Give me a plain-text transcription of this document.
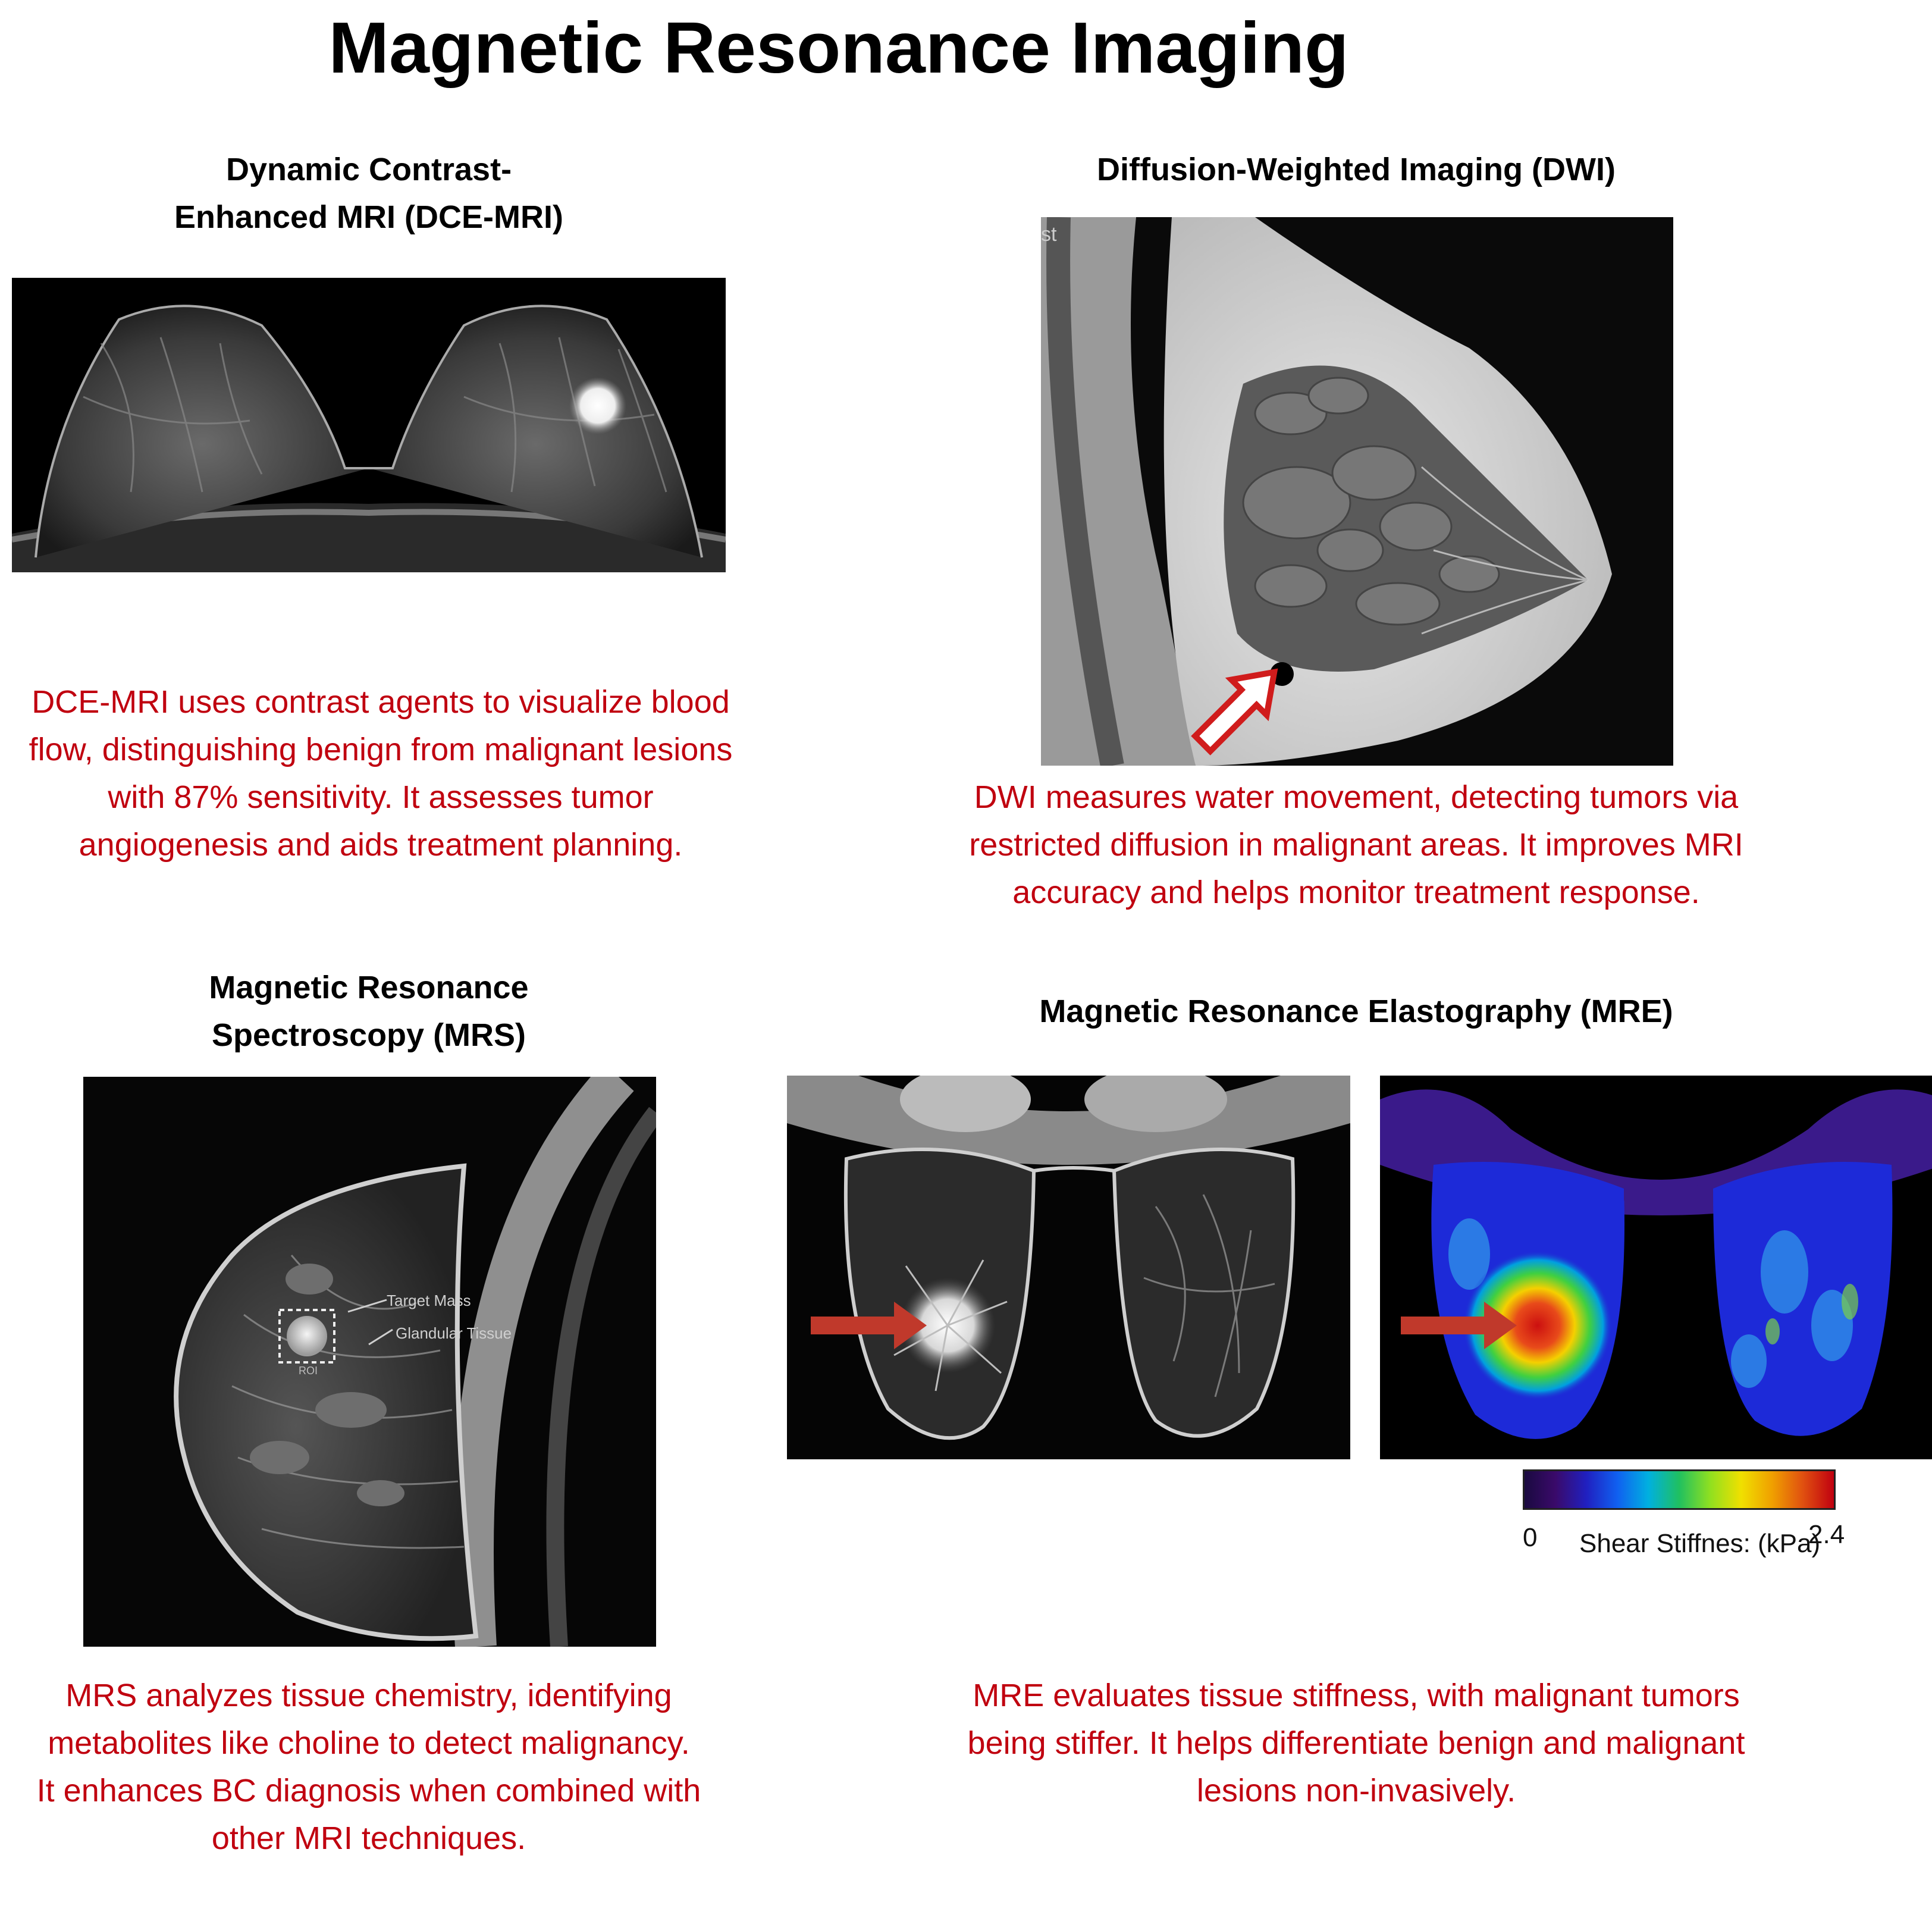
Magnetic Resonance Imaging
Dynamic Contrast-
Enhanced MRI (DCE-MRI)
DCE-MRI uses contrast agents to visualize blood flow, distinguishing benign from malignant lesions with 87% sensitivity. It assesses tumor angiogenesis and aids treatment planning.
Diffusion-Weighted Imaging (DWI)
st
DWI measures water movement, detecting tumors via restricted diffusion in malignant areas. It improves MRI accuracy and helps monitor treatment response.
Magnetic Resonance
Spectroscopy (MRS)
ROI
Target Mass
Glandular Tissue
MRS analyzes tissue chemistry, identifying metabolites like choline to detect malignancy. It enhances BC diagnosis when combined with other MRI techniques.
Magnetic Resonance Elastography (MRE)
0 Shear Stiffnes: (kPa)
2.4
MRE evaluates tissue stiffness, with malignant tumors being stiffer. It helps differentiate benign and malignant lesions non-invasively.
